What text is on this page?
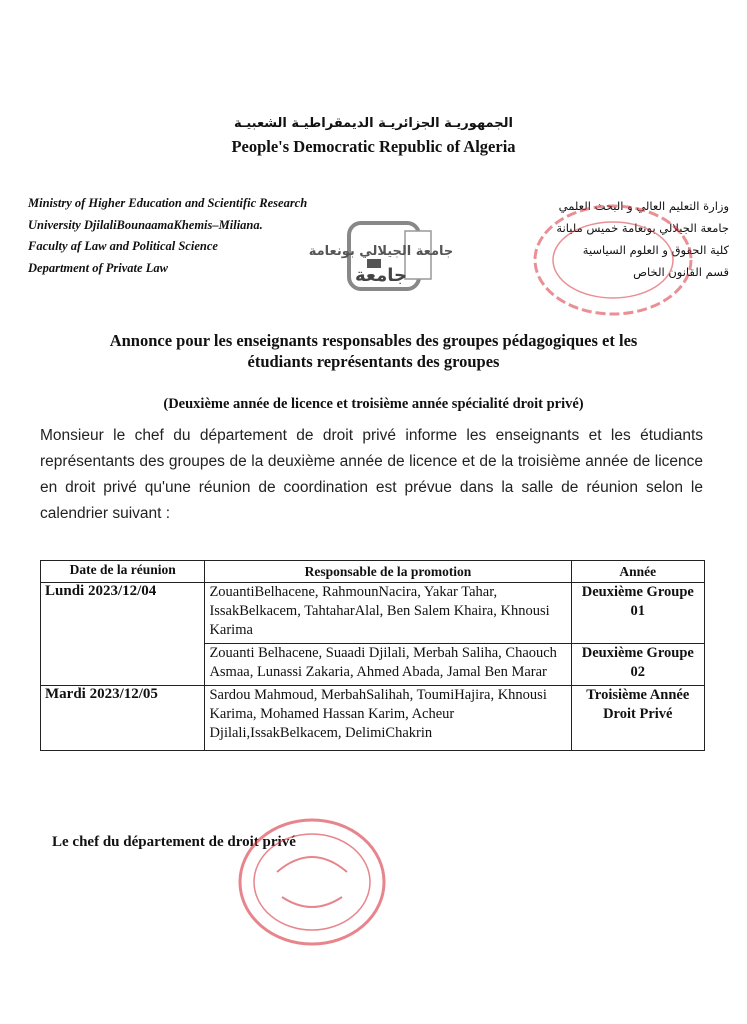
الجمهوريـة الجزائريـة الديمقراطيـة الشعبيـة
People's Democratic Republic of Algeria
Ministry of Higher Education and Scientific Research
University DjilaliBounaamaKhemis–Miliana.
Faculty af Law and Political Science
Department of Private Law
جامعة الجيلالي بونعامة
جامعة
وزارة التعليم العالي و البحث العلمي
جامعة الجيلالي بونعامة خميس مليانة
كلية الحقوق و العلوم السياسية
قسم القانون الخاص
Annonce pour les enseignants responsables des groupes pédagogiques et les
étudiants représentants des groupes
(Deuxième année de licence et troisième année spécialité droit privé)
Monsieur le chef du département de droit privé informe les enseignants et les étudiants représentants des groupes de la deuxième année de licence et de la troisième année de licence en droit privé qu'une réunion de coordination est prévue dans la salle de réunion selon le calendrier suivant :
Date de la réunion	Responsable de la promotion	Année
Lundi 2023/12/04	ZouantiBelhacene, RahmounNacira, Yakar Tahar, IssakBelkacem, TahtaharAlal, Ben Salem Khaira, Khnousi Karima	Deuxième Groupe
01

	Zouanti Belhacene, Suaadi Djilali, Merbah Saliha, Chaouch Asmaa, Lunassi Zakaria, Ahmed Abada, Jamal Ben Marar	Deuxième Groupe
02

Mardi 2023/12/05	Sardou Mahmoud, MerbahSalihah, ToumiHajira, Khnousi Karima, Mohamed Hassan Karim, Acheur Djilali,IssakBelkacem, DelimiChakrin	Troisième Année
Droit Privé
Le chef du département de droit privé
